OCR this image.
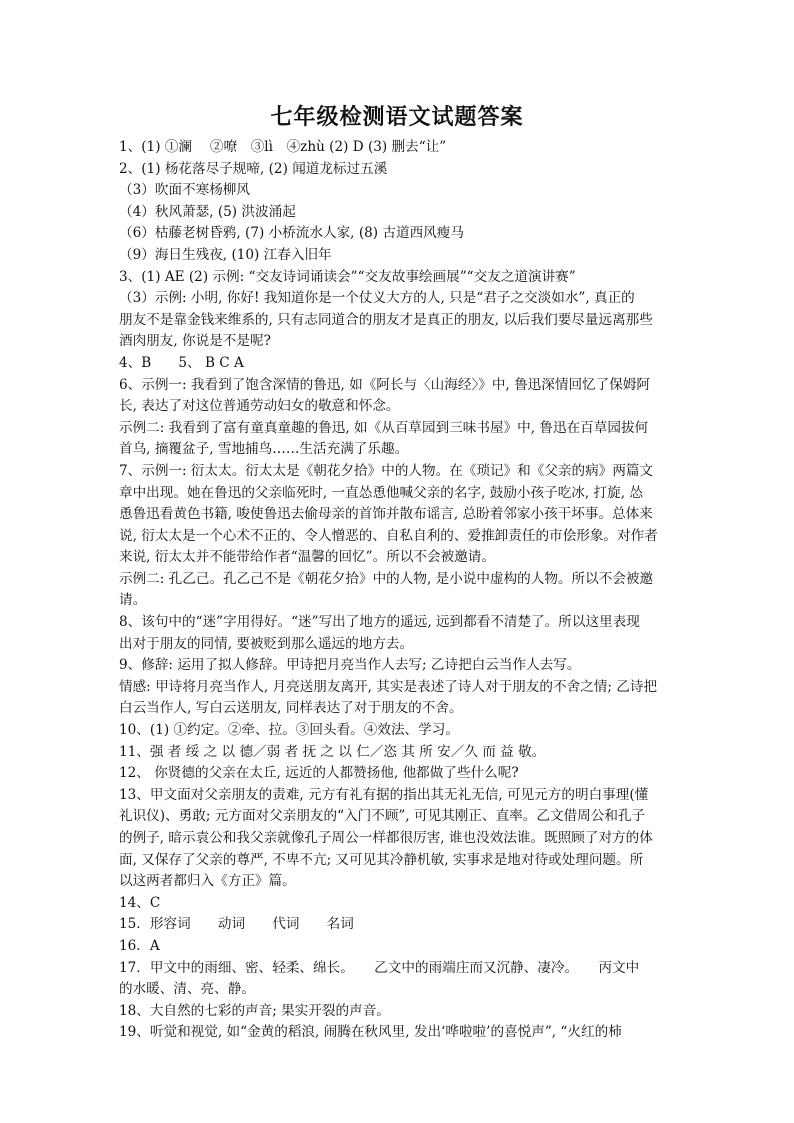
七年级检测语文试题答案
1、(1) ①澜　 ②嘹　③lì　④zhù (2) D (3) 删去“让”
2、(1) 杨花落尽子规啼, (2) 闻道龙标过五溪
（3）吹面不寒杨柳风
（4）秋风萧瑟, (5) 洪波涌起
（6）枯藤老树昏鸦, (7) 小桥流水人家, (8) 古道西风瘦马
（9）海日生残夜, (10) 江春入旧年
3、(1) AE (2) 示例: “交友诗词诵读会”“交友故事绘画展”“交友之道演讲赛”
（3）示例: 小明, 你好! 我知道你是一个仗义大方的人, 只是“君子之交淡如水”, 真正的
朋友不是靠金钱来维系的, 只有志同道合的朋友才是真正的朋友, 以后我们要尽量远离那些
酒肉朋友, 你说是不是呢?
4、B　　5、 B C A
6、示例一: 我看到了饱含深情的鲁迅, 如《阿长与〈山海经〉》中, 鲁迅深情回忆了保姆阿
长, 表达了对这位普通劳动妇女的敬意和怀念。
示例二: 我看到了富有童真童趣的鲁迅, 如《从百草园到三味书屋》中, 鲁迅在百草园拔何
首乌, 摘覆盆子, 雪地捕鸟……生活充满了乐趣。
7、示例一: 衍太太。衍太太是《朝花夕拾》中的人物。在《琐记》和《父亲的病》两篇文
章中出现。她在鲁迅的父亲临死时, 一直怂恿他喊父亲的名字, 鼓励小孩子吃冰, 打旋, 怂
恿鲁迅看黄色书籍, 唆使鲁迅去偷母亲的首饰并散布谣言, 总盼着邻家小孩干坏事。总体来
说, 衍太太是一个心术不正的、令人憎恶的、自私自利的、爱推卸责任的市侩形象。对作者
来说, 衍太太并不能带给作者“温馨的回忆”。所以不会被邀请。
示例二: 孔乙己。孔乙己不是《朝花夕拾》中的人物, 是小说中虚构的人物。所以不会被邀
请。
8、该句中的“迷”字用得好。“迷”写出了地方的遥远, 远到都看不清楚了。所以这里表现
出对于朋友的同情, 要被贬到那么遥远的地方去。
9、修辞: 运用了拟人修辞。甲诗把月亮当作人去写; 乙诗把白云当作人去写。
情感: 甲诗将月亮当作人, 月亮送朋友离开, 其实是表述了诗人对于朋友的不舍之情; 乙诗把
白云当作人, 写白云送朋友, 同样表达了对于朋友的不舍。
10、(1) ①约定。②牵、拉。③回头看。④效法、学习。
11、强 者 绥 之 以 德／弱 者 抚 之 以 仁／恣 其 所 安／久 而 益 敬。
12、 你贤德的父亲在太丘, 远近的人都赞扬他, 他都做了些什么呢?
13、甲文面对父亲朋友的责难, 元方有礼有据的指出其无礼无信, 可见元方的明白事理(懂
礼识仪)、勇敢; 元方面对父亲朋友的“入门不顾”, 可见其刚正、直率。乙文借周公和孔子
的例子, 暗示袁公和我父亲就像孔子周公一样都很厉害, 谁也没效法谁。既照顾了对方的体
面, 又保存了父亲的尊严, 不卑不亢; 又可见其冷静机敏, 实事求是地对待或处理问题。所
以这两者都归入《方正》篇。
14、C
15．形容词　　动词　　代词　　名词
16．A
17．甲文中的雨细、密、轻柔、绵长。　　乙文中的雨端庄而又沉静、凄冷。　　丙文中
的水暖、清、亮、静。
18、大自然的七彩的声音; 果实开裂的声音。
19、听觉和视觉, 如“金黄的稻浪, 闹腾在秋风里, 发出‘哗啦啦’的喜悦声”, “火红的柿
